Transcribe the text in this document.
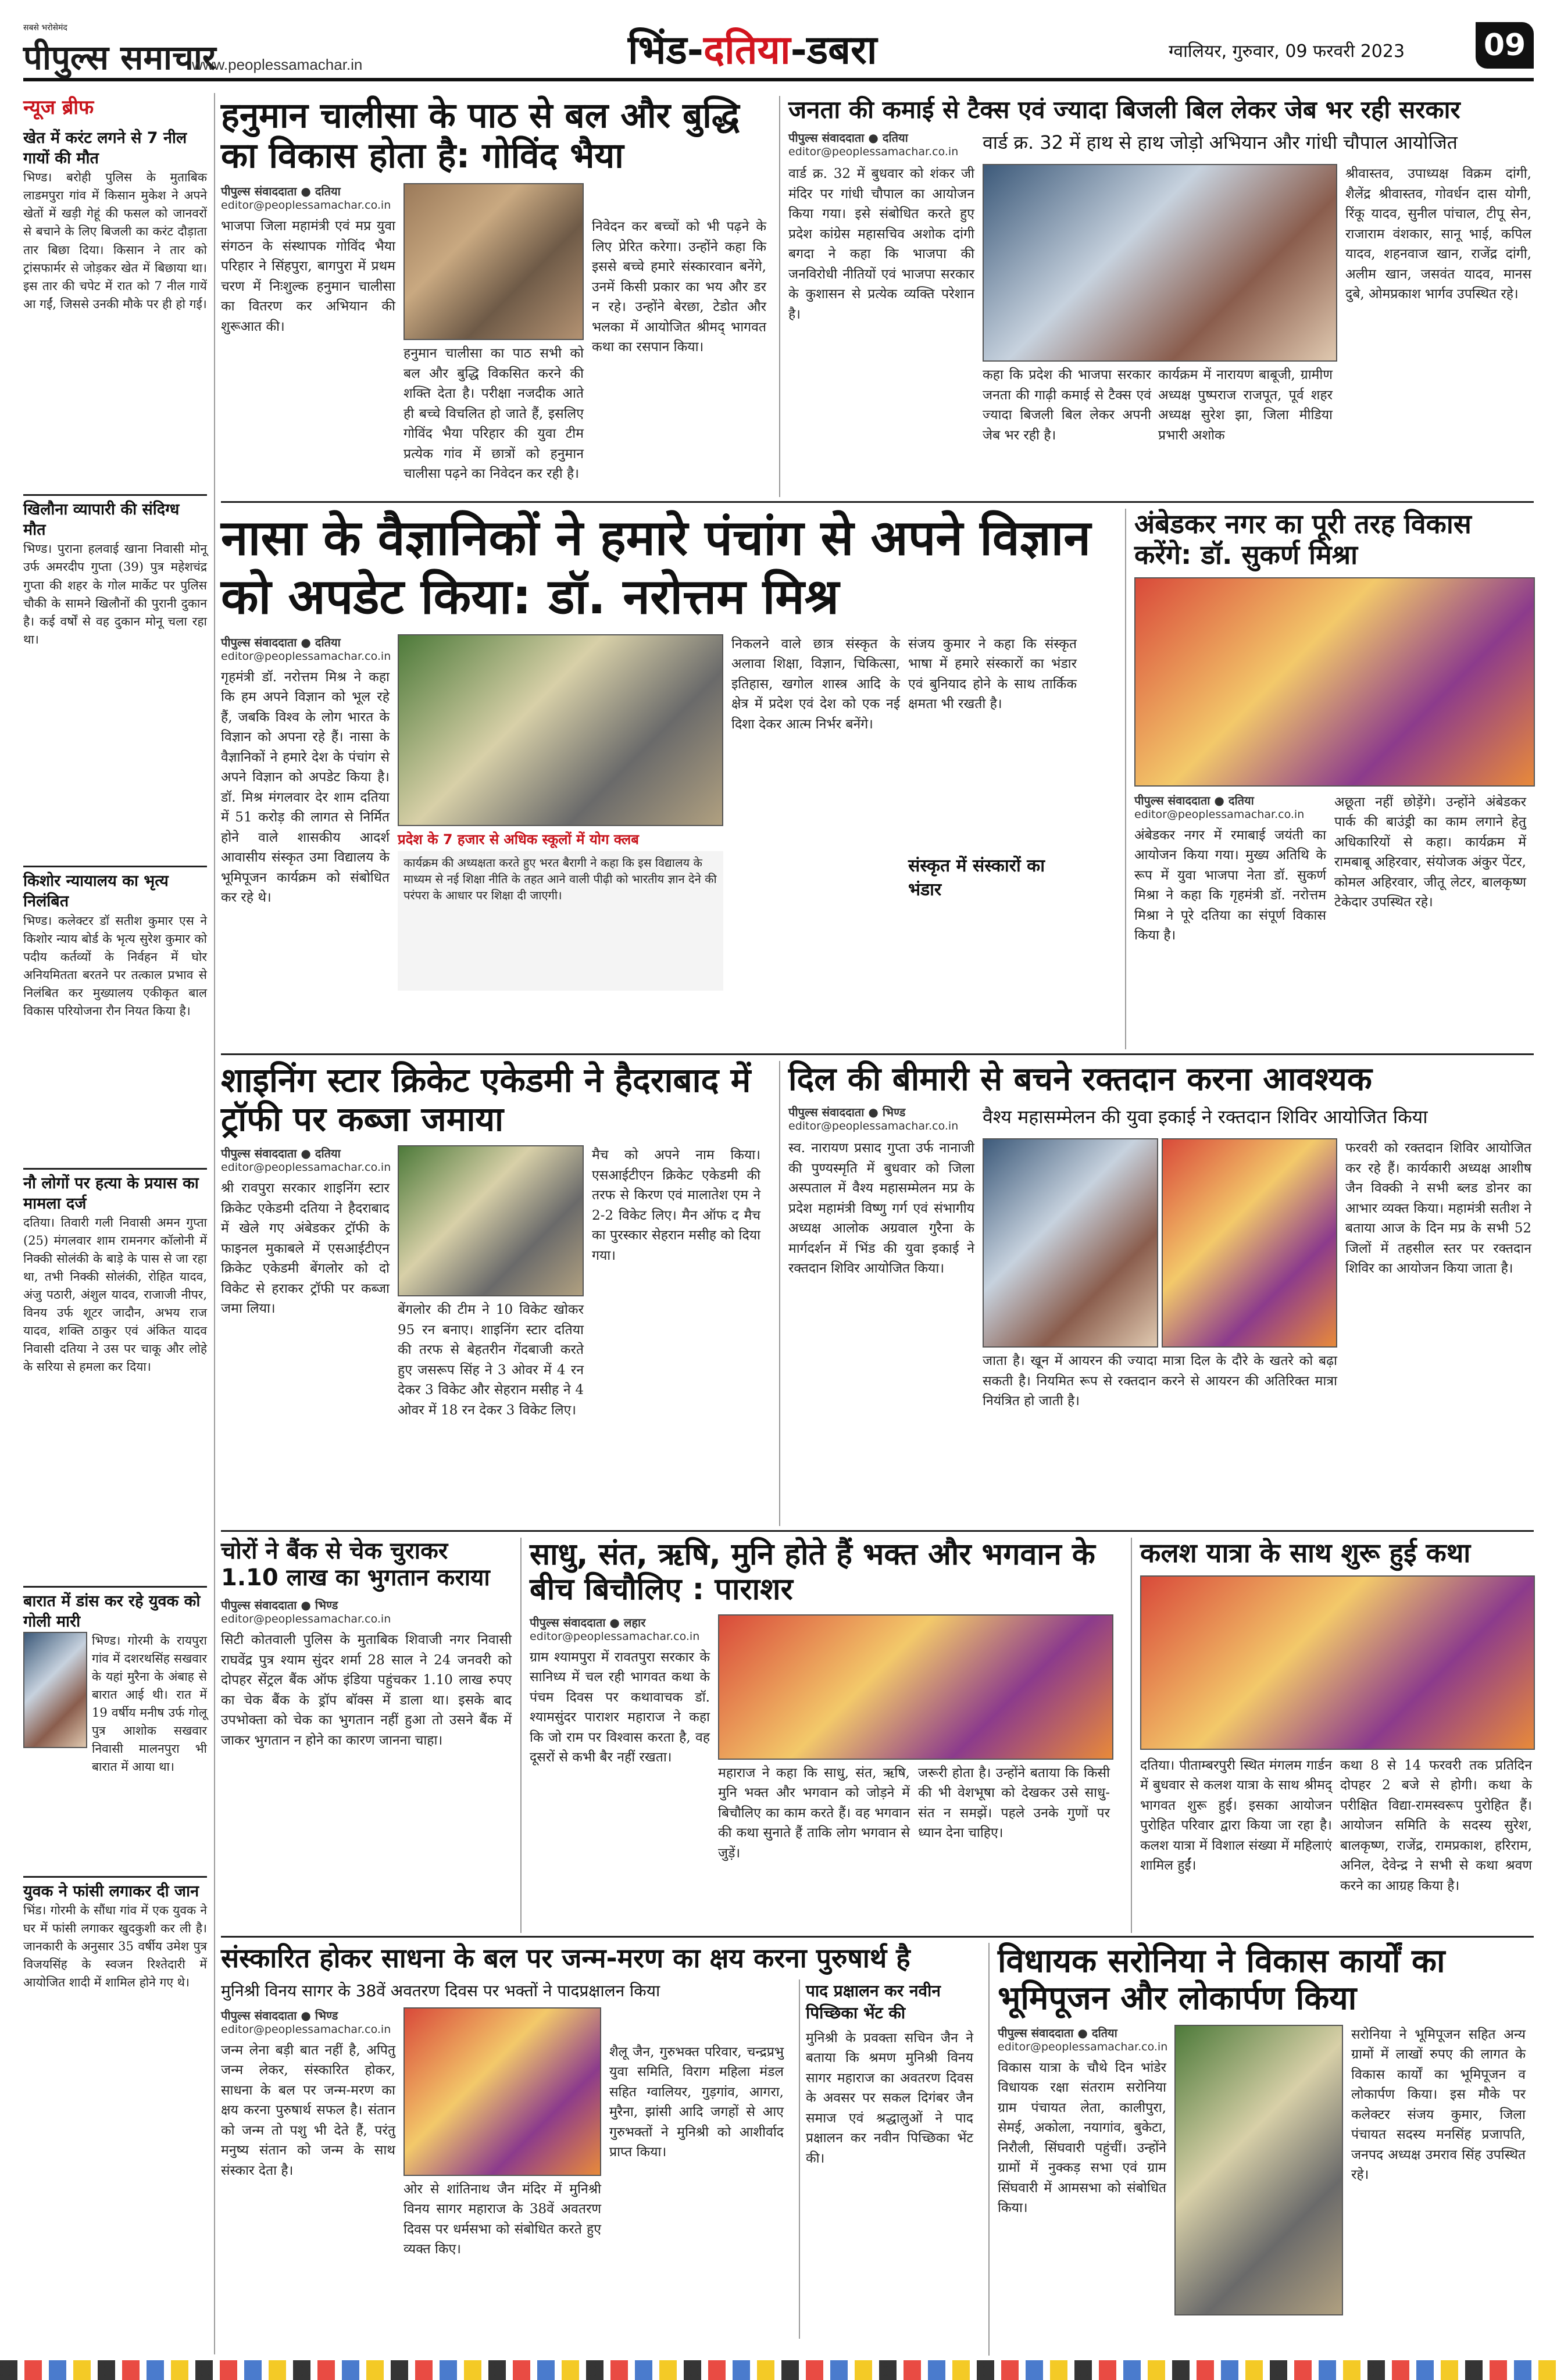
सबसे भरोसेमंद
पीपुल्स समाचार
www.peoplessamachar.in	भिंड-दतिया-डबरा	ग्वालियर, गुरुवार, 09 फरवरी 2023	09
न्यूज ब्रीफ
खेत में करंट लगने से 7 नील गायों की मौत
भिण्ड। बरोही पुलिस के मुताबिक लाडमपुरा गांव में किसान मुकेश ने अपने खेतों में खड़ी गेहूं की फसल को जानवरों से बचाने के लिए बिजली का करंट दौड़ाता तार बिछा दिया। किसान ने तार को ट्रांसफार्मर से जोड़कर खेत में बिछाया था। इस तार की चपेट में रात को 7 नील गायें आ गईं, जिससे उनकी मौके पर ही हो गई।
खिलौना व्यापारी की संदिग्ध मौत
भिण्ड। पुराना हलवाई खाना निवासी मोनू उर्फ अमरदीप गुप्ता (39) पुत्र महेशचंद्र गुप्ता की शहर के गोल मार्केट पर पुलिस चौकी के सामने खिलौनों की पुरानी दुकान है। कई वर्षों से वह दुकान मोनू चला रहा था।
किशोर न्यायालय का भृत्य निलंबित
भिण्ड। कलेक्टर डॉ सतीश कुमार एस ने किशोर न्याय बोर्ड के भृत्य सुरेश कुमार को पदीय कर्तव्यों के निर्वहन में घोर अनियमितता बरतने पर तत्काल प्रभाव से निलंबित कर मुख्यालय एकीकृत बाल विकास परियोजना रौन नियत किया है।
नौ लोगों पर हत्या के प्रयास का मामला दर्ज
दतिया। तिवारी गली निवासी अमन गुप्ता (25) मंगलवार शाम रामनगर कॉलोनी में निक्की सोलंकी के बाड़े के पास से जा रहा था, तभी निक्की सोलंकी, रोहित यादव, अंजु पठारी, अंशुल यादव, राजाजी नीपर, विनय उर्फ शूटर जादौन, अभय राज यादव, शक्ति ठाकुर एवं अंकित यादव निवासी दतिया ने उस पर चाकू और लोहे के सरिया से हमला कर दिया।
बारात में डांस कर रहे युवक को गोली मारी
भिण्ड। गोरमी के रायपुरा गांव में दशरथसिंह सखवार के यहां मुरैना के अंबाह से बारात आई थी। रात में 19 वर्षीय मनीष उर्फ गोलू पुत्र आशोक सखवार निवासी मालनपुरा भी बारात में आया था।
युवक ने फांसी लगाकर दी जान
भिंड। गोरमी के सौंधा गांव में एक युवक ने घर में फांसी लगाकर खुदकुशी कर ली है। जानकारी के अनुसार 35 वर्षीय उमेश पुत्र विजयसिंह के स्वजन रिश्तेदारी में आयोजित शादी में शामिल होने गए थे।
हनुमान चालीसा के पाठ से बल और बुद्धि का विकास होता है: गोविंद भैया
पीपुल्स संवाददाता ● दतिया
editor@peoplessamachar.co.in
भाजपा जिला महामंत्री एवं मप्र युवा संगठन के संस्थापक गोविंद भैया परिहार ने सिंहपुरा, बागपुरा में प्रथम चरण में निःशुल्क हनुमान चालीसा का वितरण कर अभियान की शुरूआत की।
हनुमान चालीसा का पाठ सभी को बल और बुद्धि विकसित करने की शक्ति देता है। परीक्षा नजदीक आते ही बच्चे विचलित हो जाते हैं, इसलिए गोविंद भैया परिहार की युवा टीम प्रत्येक गांव में छात्रों को हनुमान चालीसा पढ़ने का निवेदन कर रही है।
निवेदन कर बच्चों को भी पढ़ने के लिए प्रेरित करेगा। उन्होंने कहा कि इससे बच्चे हमारे संस्कारवान बनेंगे, उनमें किसी प्रकार का भय और डर न रहे। उन्होंने बेरछा, टेडोत और भलका में आयोजित श्रीमद् भागवत कथा का रसपान किया।
जनता की कमाई से टैक्स एवं ज्यादा बिजली बिल लेकर जेब भर रही सरकार
पीपुल्स संवाददाता ● दतिया
editor@peoplessamachar.co.in	वार्ड क्र. 32 में हाथ से हाथ जोड़ो अभियान और गांधी चौपाल आयोजित
वार्ड क्र. 32 में बुधवार को शंकर जी मंदिर पर गांधी चौपाल का आयोजन किया गया। इसे संबोधित करते हुए प्रदेश कांग्रेस महासचिव अशोक दांगी बगदा ने कहा कि भाजपा की जनविरोधी नीतियों एवं भाजपा सरकार के कुशासन से प्रत्येक व्यक्ति परेशान है।
कहा कि प्रदेश की भाजपा सरकार जनता की गाढ़ी कमाई से टैक्स एवं ज्यादा बिजली बिल लेकर अपनी जेब भर रही है।
कार्यक्रम में नारायण बाबूजी, ग्रामीण अध्यक्ष पुष्पराज राजपूत, पूर्व शहर अध्यक्ष सुरेश झा, जिला मीडिया प्रभारी अशोक
श्रीवास्तव, उपाध्यक्ष विक्रम दांगी, शैलेंद्र श्रीवास्तव, गोवर्धन दास योगी, रिंकू यादव, सुनील पांचाल, टीपू सेन, राजाराम वंशकार, सानू भाई, कपिल यादव, शहनवाज खान, राजेंद्र दांगी, अलीम खान, जसवंत यादव, मानस दुबे, ओमप्रकाश भार्गव उपस्थित रहे।
नासा के वैज्ञानिकों ने हमारे पंचांग से अपने विज्ञान को अपडेट किया: डॉ. नरोत्तम मिश्र
पीपुल्स संवाददाता ● दतिया
editor@peoplessamachar.co.in
गृहमंत्री डॉ. नरोत्तम मिश्र ने कहा कि हम अपने विज्ञान को भूल रहे हैं, जबकि विश्व के लोग भारत के विज्ञान को अपना रहे हैं। नासा के वैज्ञानिकों ने हमारे देश के पंचांग से अपने विज्ञान को अपडेट किया है। डॉ. मिश्र मंगलवार देर शाम दतिया में 51 करोड़ की लागत से निर्मित होने वाले शासकीय आदर्श आवासीय संस्कृत उमा विद्यालय के भूमिपूजन कार्यक्रम को संबोधित कर रहे थे।
प्रदेश के 7 हजार से अधिक स्कूलों में योग क्लब
कार्यक्रम की अध्यक्षता करते हुए भरत बैरागी ने कहा कि इस विद्यालय के माध्यम से नई शिक्षा नीति के तहत आने वाली पीढ़ी को भारतीय ज्ञान देने की परंपरा के आधार पर शिक्षा दी जाएगी।
निकलने वाले छात्र संस्कृत के अलावा शिक्षा, विज्ञान, चिकित्सा, इतिहास, खगोल शास्त्र आदि के क्षेत्र में प्रदेश एवं देश को एक नई दिशा देकर आत्म निर्भर बनेंगे।
संजय कुमार ने कहा कि संस्कृत भाषा में हमारे संस्कारों का भंडार एवं बुनियाद होने के साथ तार्किक क्षमता भी रखती है।
संस्कृत में संस्कारों का भंडार
अंबेडकर नगर का पूरी तरह विकास करेंगे: डॉ. सुकर्ण मिश्रा
पीपुल्स संवाददाता ● दतिया
editor@peoplessamachar.co.in
अंबेडकर नगर में रमाबाई जयंती का आयोजन किया गया। मुख्य अतिथि के रूप में युवा भाजपा नेता डॉ. सुकर्ण मिश्रा ने कहा कि गृहमंत्री डॉ. नरोत्तम मिश्रा ने पूरे दतिया का संपूर्ण विकास किया है।
अछूता नहीं छोड़ेंगे। उन्होंने अंबेडकर पार्क की बाउंड्री का काम लगाने हेतु अधिकारियों से कहा। कार्यक्रम में रामबाबू अहिरवार, संयोजक अंकुर पेंटर, कोमल अहिरवार, जीतू लेटर, बालकृष्ण टेकेदार उपस्थित रहे।
शाइनिंग स्टार क्रिकेट एकेडमी ने हैदराबाद में ट्रॉफी पर कब्जा जमाया
पीपुल्स संवाददाता ● दतिया
editor@peoplessamachar.co.in
श्री रावपुरा सरकार शाइनिंग स्टार क्रिकेट एकेडमी दतिया ने हैदराबाद में खेले गए अंबेडकर ट्रॉफी के फाइनल मुकाबले में एसआईटीएन क्रिकेट एकेडमी बेंगलोर को दो विकेट से हराकर ट्रॉफी पर कब्जा जमा लिया।	बेंगलोर की टीम ने 10 विकेट खोकर 95 रन बनाए। शाइनिंग स्टार दतिया की तरफ से बेहतरीन गेंदबाजी करते हुए जसरूप सिंह ने 3 ओवर में 4 रन देकर 3 विकेट और सेहरान मसीह ने 4 ओवर में 18 रन देकर 3 विकेट लिए।
मैच को अपने नाम किया। एसआईटीएन क्रिकेट एकेडमी की तरफ से किरण एवं मालातेश एम ने 2-2 विकेट लिए। मैन ऑफ द मैच का पुरस्कार सेहरान मसीह को दिया गया।
दिल की बीमारी से बचने रक्तदान करना आवश्यक
पीपुल्स संवाददाता ● भिण्ड
editor@peoplessamachar.co.in	वैश्य महासम्मेलन की युवा इकाई ने रक्तदान शिविर आयोजित किया
स्व. नारायण प्रसाद गुप्ता उर्फ नानाजी की पुण्यस्मृति में बुधवार को जिला अस्पताल में वैश्य महासम्मेलन मप्र के प्रदेश महामंत्री विष्णु गर्ग एवं संभागीय अध्यक्ष आलोक अग्रवाल गुरैना के मार्गदर्शन में भिंड की युवा इकाई ने रक्तदान शिविर आयोजित किया।
जाता है। खून में आयरन की ज्यादा मात्रा दिल के दौरे के खतरे को बढ़ा सकती है। नियमित रूप से रक्तदान करने से आयरन की अतिरिक्त मात्रा नियंत्रित हो जाती है।
फरवरी को रक्तदान शिविर आयोजित कर रहे हैं। कार्यकारी अध्यक्ष आशीष जैन विक्की ने सभी ब्लड डोनर का आभार व्यक्त किया। महामंत्री सतीश ने बताया आज के दिन मप्र के सभी 52 जिलों में तहसील स्तर पर रक्तदान शिविर का आयोजन किया जाता है।
चोरों ने बैंक से चेक चुराकर 1.10 लाख का भुगतान कराया
पीपुल्स संवाददाता ● भिण्ड
editor@peoplessamachar.co.in
सिटी कोतवाली पुलिस के मुताबिक शिवाजी नगर निवासी राघवेंद्र पुत्र श्याम सुंदर शर्मा 28 साल ने 24 जनवरी को दोपहर सेंट्रल बैंक ऑफ इंडिया पहुंचकर 1.10 लाख रुपए का चेक बैंक के ड्रॉप बॉक्स में डाला था। इसके बाद उपभोक्ता को चेक का भुगतान नहीं हुआ तो उसने बैंक में जाकर भुगतान न होने का कारण जानना चाहा।
साधु, संत, ऋषि, मुनि होते हैं भक्त और भगवान के बीच बिचौलिए : पाराशर
पीपुल्स संवाददाता ● लहार
editor@peoplessamachar.co.in
ग्राम श्यामपुरा में रावतपुरा सरकार के सानिध्य में चल रही भागवत कथा के पंचम दिवस पर कथावाचक डॉ. श्यामसुंदर पाराशर महाराज ने कहा कि जो राम पर विश्वास करता है, वह दूसरों से कभी बैर नहीं रखता।
महाराज ने कहा कि साधु, संत, ऋषि, मुनि भक्त और भगवान को जोड़ने में बिचौलिए का काम करते हैं। वह भगवान की कथा सुनाते हैं ताकि लोग भगवान से जुड़ें।
जरूरी होता है। उन्होंने बताया कि किसी की भी वेशभूषा को देखकर उसे साधु-संत न समझें। पहले उनके गुणों पर ध्यान देना चाहिए।
कलश यात्रा के साथ शुरू हुई कथा
दतिया। पीताम्बरपुरी स्थित मंगलम गार्डन में बुधवार से कलश यात्रा के साथ श्रीमद् भागवत शुरू हुई। इसका आयोजन पुरोहित परिवार द्वारा किया जा रहा है। कलश यात्रा में विशाल संख्या में महिलाएं शामिल हुईं।
कथा 8 से 14 फरवरी तक प्रतिदिन दोपहर 2 बजे से होगी। कथा के परीक्षित विद्या-रामस्वरूप पुरोहित हैं। आयोजन समिति के सदस्य सुरेश, बालकृष्ण, राजेंद्र, रामप्रकाश, हरिराम, अनिल, देवेन्द्र ने सभी से कथा श्रवण करने का आग्रह किया है।
संस्कारित होकर साधना के बल पर जन्म-मरण का क्षय करना पुरुषार्थ है
मुनिश्री विनय सागर के 38वें अवतरण दिवस पर भक्तों ने पादप्रक्षालन किया
पीपुल्स संवाददाता ● भिण्ड
editor@peoplessamachar.co.in
जन्म लेना बड़ी बात नहीं है, अपितु जन्म लेकर, संस्कारित होकर, साधना के बल पर जन्म-मरण का क्षय करना पुरुषार्थ सफल है। संतान को जन्म तो पशु भी देते हैं, परंतु मनुष्य संतान को जन्म के साथ संस्कार देता है।
ओर से शांतिनाथ जैन मंदिर में मुनिश्री विनय सागर महाराज के 38वें अवतरण दिवस पर धर्मसभा को संबोधित करते हुए व्यक्त किए।
शैलू जैन, गुरुभक्त परिवार, चन्द्रप्रभु युवा समिति, विराग महिला मंडल सहित ग्वालियर, गुड़गांव, आगरा, मुरैना, झांसी आदि जगहों से आए गुरुभक्तों ने मुनिश्री को आशीर्वाद प्राप्त किया।
पाद प्रक्षालन कर नवीन पिच्छिका भेंट की
मुनिश्री के प्रवक्ता सचिन जैन ने बताया कि श्रमण मुनिश्री विनय सागर महाराज का अवतरण दिवस के अवसर पर सकल दिगंबर जैन समाज एवं श्रद्धालुओं ने पाद प्रक्षालन कर नवीन पिच्छिका भेंट की।
विधायक सरोनिया ने विकास कार्यों का भूमिपूजन और लोकार्पण किया
पीपुल्स संवाददाता ● दतिया
editor@peoplessamachar.co.in
विकास यात्रा के चौथे दिन भांडेर विधायक रक्षा संतराम सरोनिया ग्राम पंचायत लेता, कालीपुरा, सेमई, अकोला, नयागांव, बुकेटा, निरौली, सिंघवारी पहुंचीं। उन्होंने ग्रामों में नुक्कड़ सभा एवं ग्राम सिंघवारी में आमसभा को संबोधित किया।
सरोनिया ने भूमिपूजन सहित अन्य ग्रामों में लाखों रुपए की लागत के विकास कार्यों का भूमिपूजन व लोकार्पण किया। इस मौके पर कलेक्टर संजय कुमार, जिला पंचायत सदस्य मनसिंह प्रजापति, जनपद अध्यक्ष उमराव सिंह उपस्थित रहे।
